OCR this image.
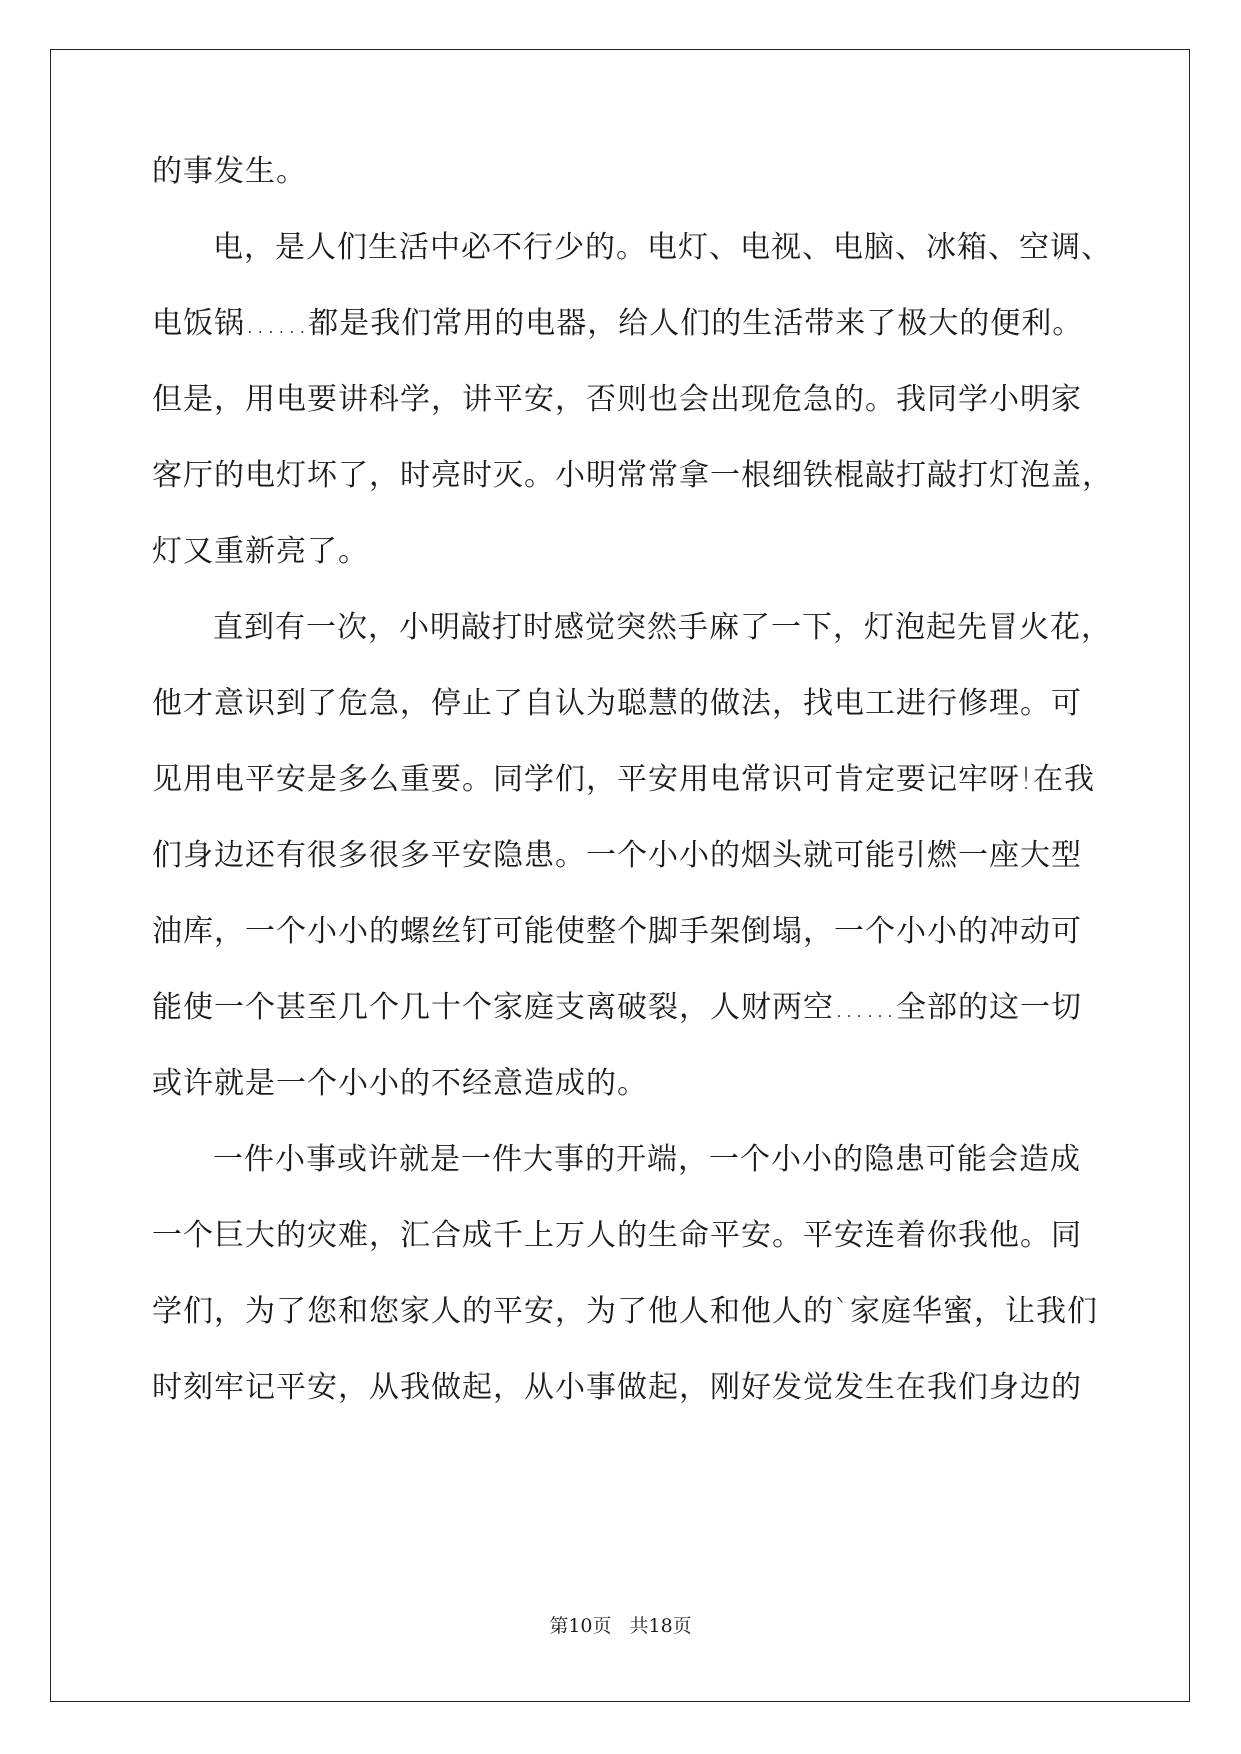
的事发生。

电，是人们生活中必不行少的。电灯、电视、电脑、冰箱、空调、

电饭锅......都是我们常用的电器，给人们的生活带来了极大的便利。

但是，用电要讲科学，讲平安，否则也会出现危急的。我同学小明家

客厅的电灯坏了，时亮时灭。小明常常拿一根细铁棍敲打敲打灯泡盖，

灯又重新亮了。

直到有一次，小明敲打时感觉突然手麻了一下，灯泡起先冒火花，

他才意识到了危急，停止了自认为聪慧的做法，找电工进行修理。可

见用电平安是多么重要。同学们，平安用电常识可肯定要记牢呀!在我

们身边还有很多很多平安隐患。一个小小的烟头就可能引燃一座大型

油库，一个小小的螺丝钉可能使整个脚手架倒塌，一个小小的冲动可

能使一个甚至几个几十个家庭支离破裂，人财两空……全部的这一切

或许就是一个小小的不经意造成的。

一件小事或许就是一件大事的开端，一个小小的隐患可能会造成

一个巨大的灾难，汇合成千上万人的生命平安。平安连着你我他。同

学们，为了您和您家人的平安，为了他人和他人的`家庭华蜜，让我们

时刻牢记平安，从我做起，从小事做起，刚好发觉发生在我们身边的

第10页 共18页
